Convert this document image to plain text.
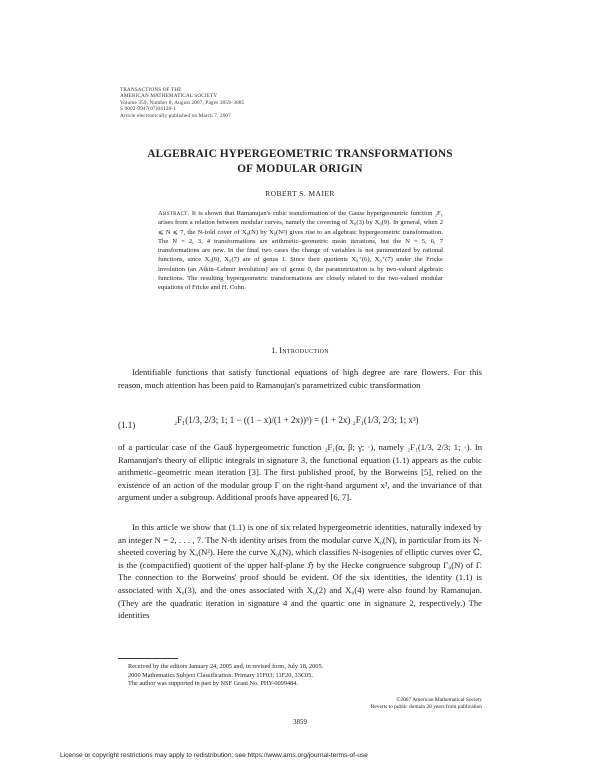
TRANSACTIONS OF THE
AMERICAN MATHEMATICAL SOCIETY
Volume 359, Number 8, August 2007, Pages 3859–3885
S 0002-9947(07)04128-1
Article electronically published on March 7, 2007
ALGEBRAIC HYPERGEOMETRIC TRANSFORMATIONS
OF MODULAR ORIGIN
ROBERT S. MAIER
Abstract. It is shown that Ramanujan's cubic transformation of the Gauss hypergeometric function ₂F₁ arises from a relation between modular curves, namely the covering of X₀(3) by X₀(9). In general, when 2 ⩽ N ⩽ 7, the N-fold cover of X₀(N) by X₀(N²) gives rise to an algebraic hypergeometric transformation. The N = 2, 3, 4 transformations are arithmetic–geometric mean iterations, but the N = 5, 6, 7 transformations are new. In the final two cases the change of variables is not parametrized by rational functions, since X₀(6), X₀(7) are of genus 1. Since their quotients X₀⁺(6), X₀⁺(7) under the Fricke involution (an Atkin–Lehner involution) are of genus 0, the parametrization is by two-valued algebraic functions. The resulting hypergeometric transformations are closely related to the two-valued modular equations of Fricke and H. Cohn.
1. Introduction
Identifiable functions that satisfy functional equations of high degree are rare flowers. For this reason, much attention has been paid to Ramanujan's parametrized cubic transformation
(1.1)	₂F₁(1/3, 2/3; 1; 1 − ((1 − x)/(1 + 2x))³) = (1 + 2x) ₂F₁(1/3, 2/3; 1; x³)
of a particular case of the Gauß hypergeometric function ₂F₁(α, β; γ; ·), namely ₂F₁(1/3, 2/3; 1; ·). In Ramanujan's theory of elliptic integrals in signature 3, the functional equation (1.1) appears as the cubic arithmetic–geometric mean iteration [3]. The first published proof, by the Borweins [5], relied on the existence of an action of the modular group Γ on the right-hand argument x³, and the invariance of that argument under a subgroup. Additional proofs have appeared [6, 7].
In this article we show that (1.1) is one of six related hypergeometric identities, naturally indexed by an integer N = 2, . . . , 7. The N-th identity arises from the modular curve X₀(N), in particular from its N-sheeted covering by X₀(N²). Here the curve X₀(N), which classifies N-isogenies of elliptic curves over ℂ, is the (compactified) quotient of the upper half-plane ℌ by the Hecke congruence subgroup Γ₀(N) of Γ. The connection to the Borweins' proof should be evident. Of the six identities, the identity (1.1) is associated with X₀(3), and the ones associated with X₀(2) and X₀(4) were also found by Ramanujan. (They are the quadratic iteration in signature 4 and the quartic one in signature 2, respectively.) The identities
Received by the editors January 24, 2005 and, in revised form, July 18, 2005.
2000 Mathematics Subject Classification. Primary 11F03; 11F20, 33C05.
The author was supported in part by NSF Grant No. PHY-0099484.
©2007 American Mathematical Society
Reverts to public domain 28 years from publication
3859
License or copyright restrictions may apply to redistribution; see https://www.ams.org/journal-terms-of-use
